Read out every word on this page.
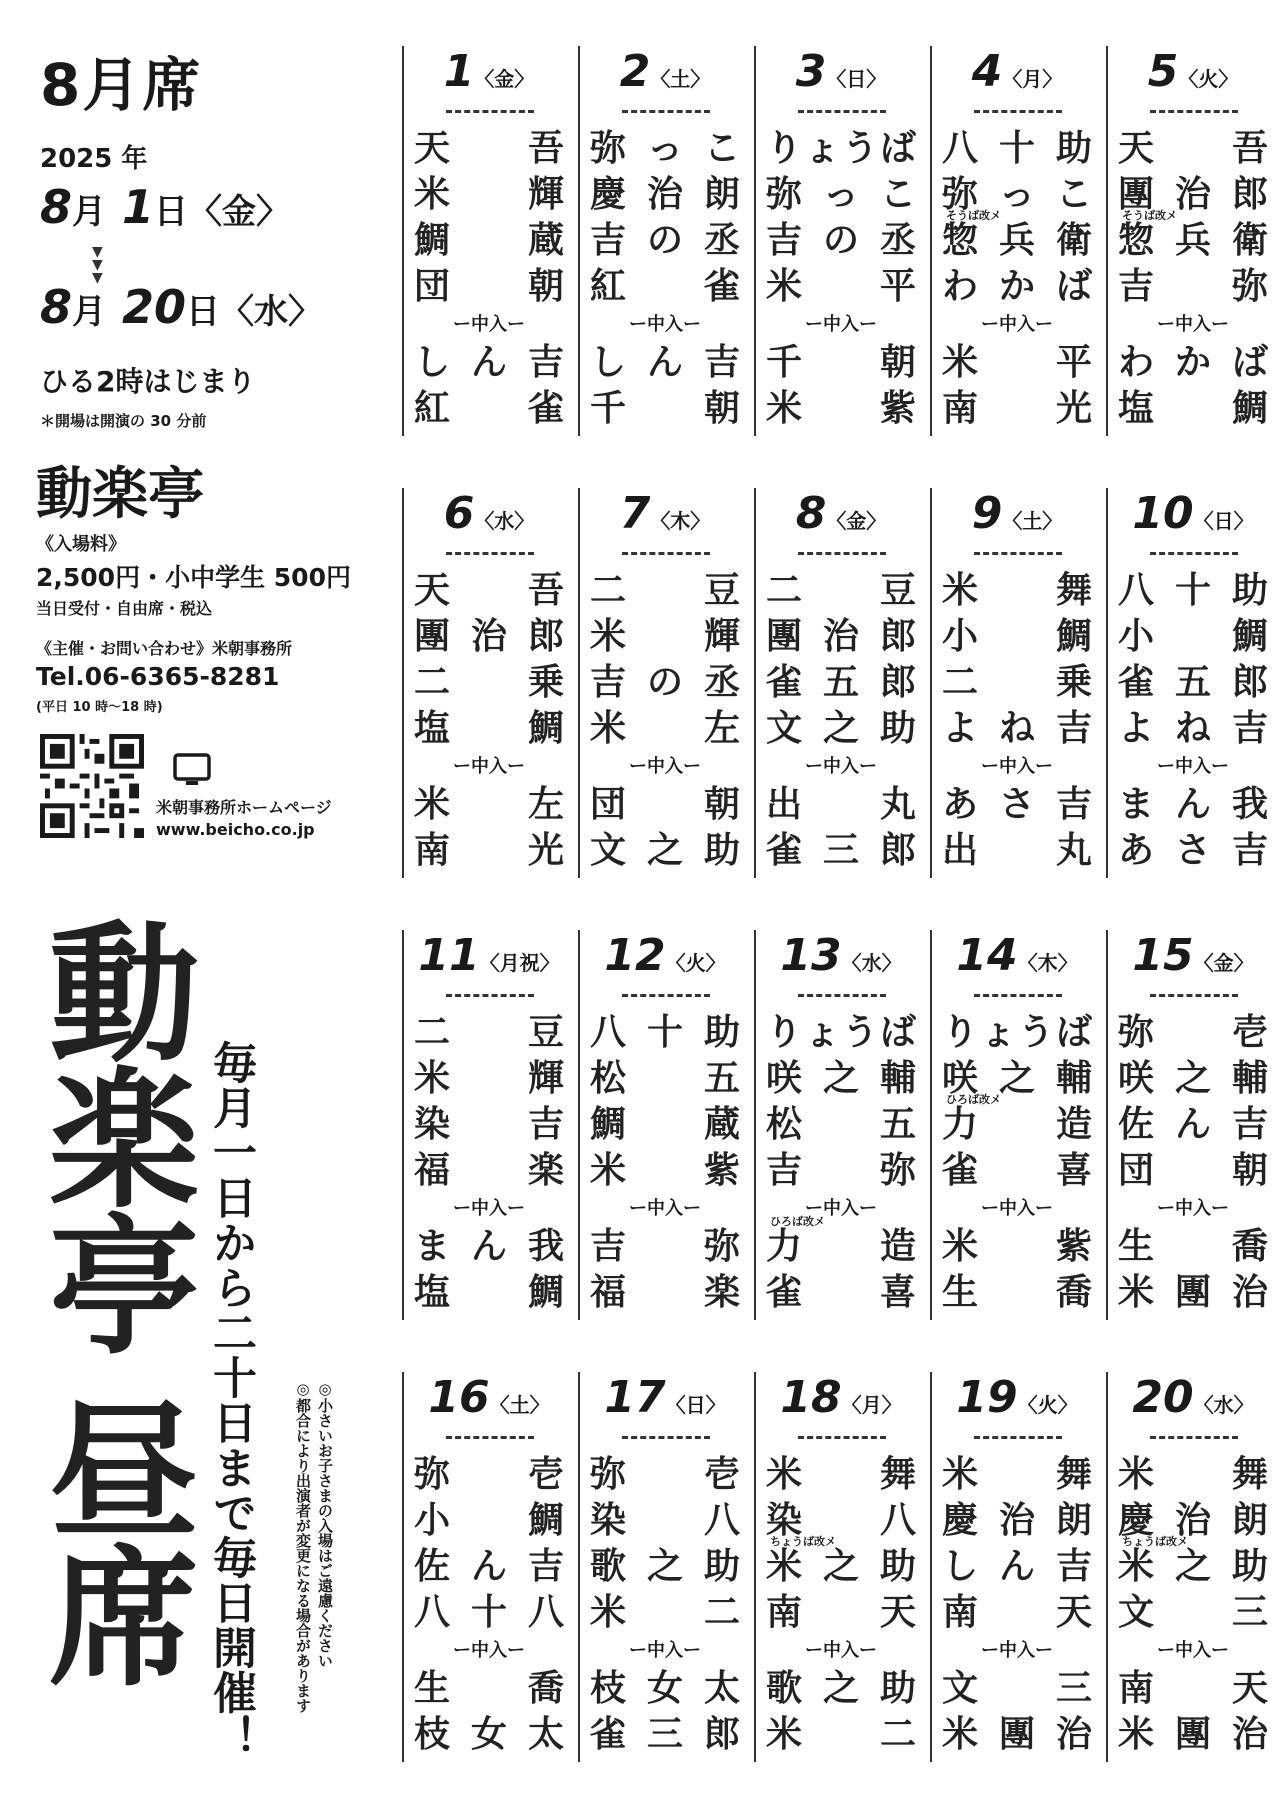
8月席
2025 年
8月 1日〈金〉
▼
▼
▼
8月 20日〈水〉
ひる2時はじまり
＊開場は開演の 30 分前
動楽亭
《入場料》
2,500円・小中学生 500円
当日受付・自由席・税込
《主催・お問い合わせ》米朝事務所
Tel.06-6365-8281
(平日 10 時～18 時)
米朝事務所ホームページ
www.beicho.co.jp
動楽亭昼席 毎月一日から二十日まで毎日開催！	◎小さいお子さまの入場はご遠慮ください
◎都合により出演者が変更になる場合があります
1〈金〉
天 吾
米 輝
鯛 蔵
団 朝
ー中入ー
し ん 吉
紅 雀
2〈土〉
弥 っ こ
慶 治 朗
吉 の 丞
紅 雀
ー中入ー
し ん 吉
千 朝
3〈日〉
り ょ う ば
弥 っ こ
吉 の 丞
米 平
ー中入ー
千 朝
米 紫
4〈月〉
八 十 助
弥 っ こ
そうば改メ
惣 兵 衛
わ か ば
ー中入ー
米 平
南 光
5〈火〉
天 吾
團 治 郎
そうば改メ
惣 兵 衛
吉 弥
ー中入ー
わ か ば
塩 鯛
6〈水〉
天 吾
團 治 郎
二 乗
塩 鯛
ー中入ー
米 左
南 光
7〈木〉
二 豆
米 輝
吉 の 丞
米 左
ー中入ー
団 朝
文 之 助
8〈金〉
二 豆
團 治 郎
雀 五 郎
文 之 助
ー中入ー
出 丸
雀 三 郎
9〈土〉
米 舞
小 鯛
二 乗
よ ね 吉
ー中入ー
あ さ 吉
出 丸
10〈日〉
八 十 助
小 鯛
雀 五 郎
よ ね 吉
ー中入ー
ま ん 我
あ さ 吉
11〈月祝〉
二 豆
米 輝
染 吉
福 楽
ー中入ー
ま ん 我
塩 鯛
12〈火〉
八 十 助
松 五
鯛 蔵
米 紫
ー中入ー
吉 弥
福 楽
13〈水〉
り ょ う ば
咲 之 輔
松 五
吉 弥
ー中入ー
ひろば改メ
力 造
雀 喜
14〈木〉
り ょ う ば
咲 之 輔
ひろば改メ
力 造
雀 喜
ー中入ー
米 紫
生 喬
15〈金〉
弥 壱
咲 之 輔
佐 ん 吉
団 朝
ー中入ー
生 喬
米 團 治
16〈土〉
弥 壱
小 鯛
佐 ん 吉
八 十 八
ー中入ー
生 喬
枝 女 太
17〈日〉
弥 壱
染 八
歌 之 助
米 二
ー中入ー
枝 女 太
雀 三 郎
18〈月〉
米 舞
染 八
ちょうば改メ
米 之 助
南 天
ー中入ー
歌 之 助
米 二
19〈火〉
米 舞
慶 治 朗
し ん 吉
南 天
ー中入ー
文 三
米 團 治
20〈水〉
米 舞
慶 治 朗
ちょうば改メ
米 之 助
文 三
ー中入ー
南 天
米 團 治
